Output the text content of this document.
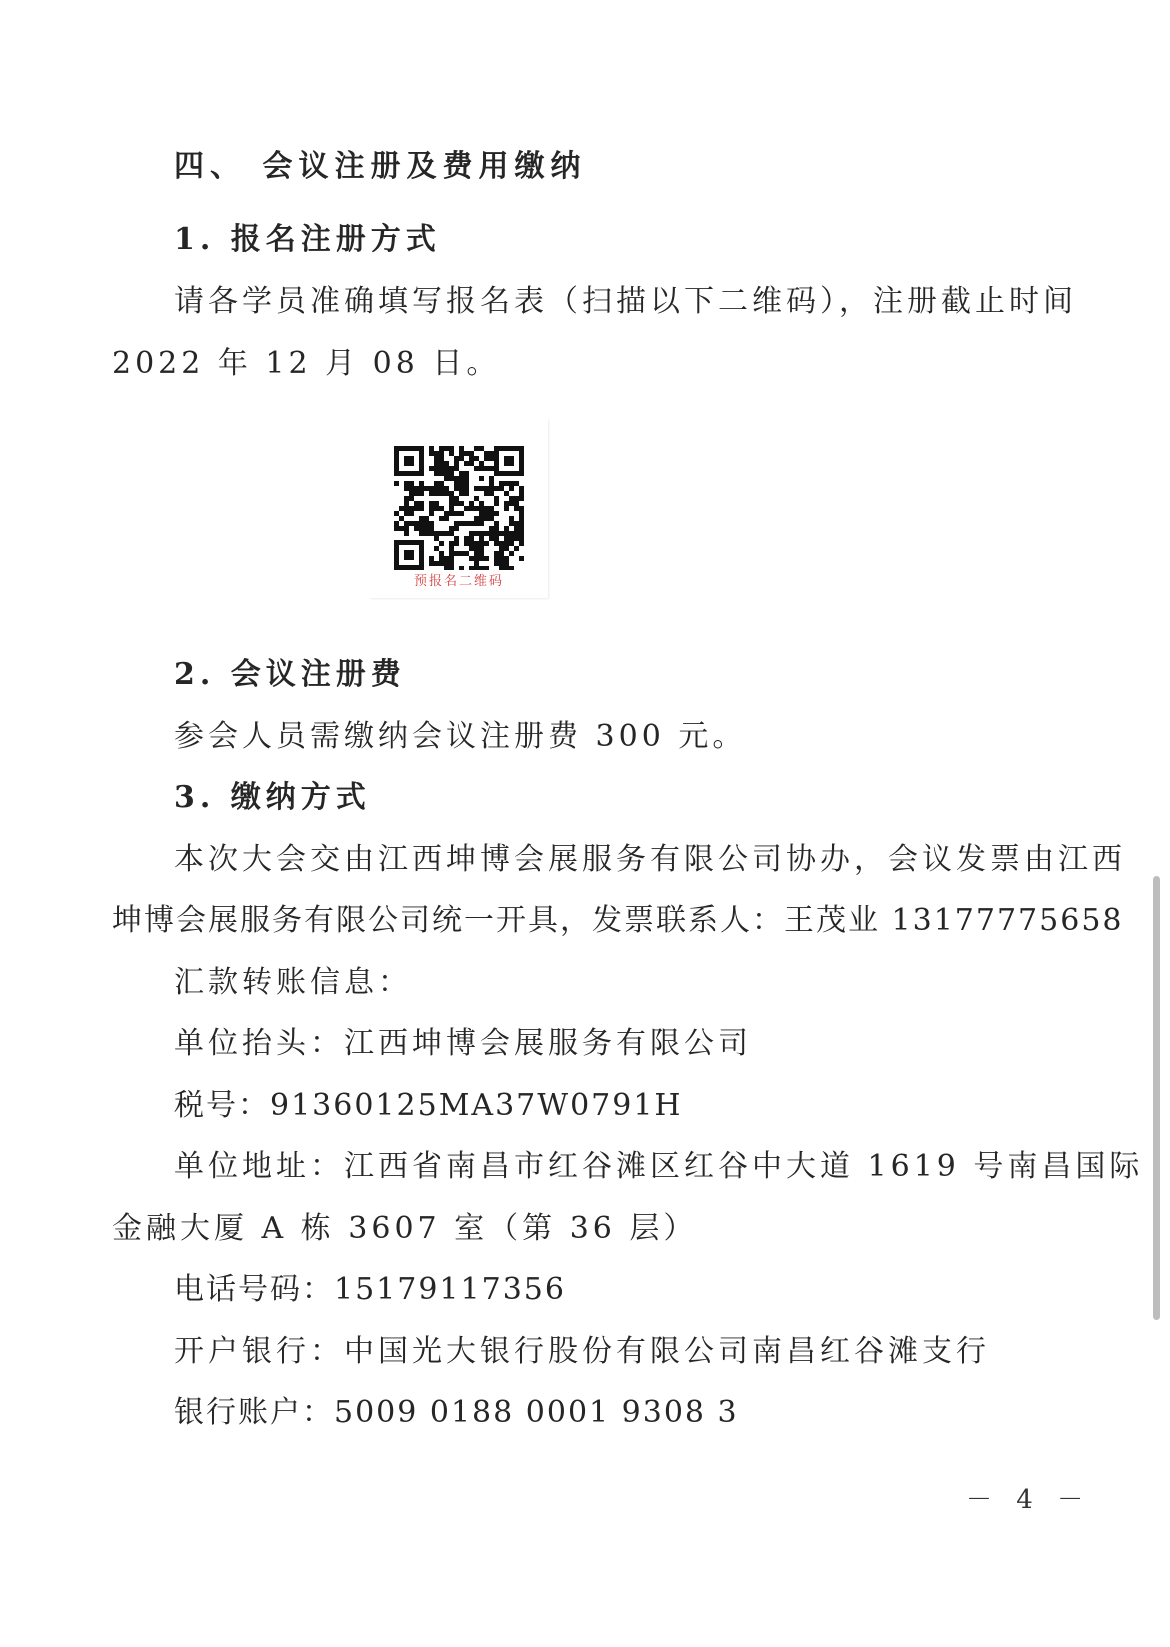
四、 会议注册及费用缴纳
1. 报名注册方式
请各学员准确填写报名表（扫描以下二维码），注册截止时间
2022 年 12 月 08 日。
预报名二维码
2. 会议注册费
参会人员需缴纳会议注册费 300 元。
3. 缴纳方式
本次大会交由江西坤博会展服务有限公司协办，会议发票由江西
坤博会展服务有限公司统一开具，发票联系人：王茂业 13177775658
汇款转账信息：
单位抬头：江西坤博会展服务有限公司
税号：91360125MA37W0791H
单位地址：江西省南昌市红谷滩区红谷中大道 1619 号南昌国际
金融大厦 A 栋 3607 室（第 36 层）
电话号码：15179117356
开户银行：中国光大银行股份有限公司南昌红谷滩支行
银行账户：5009 0188 0001 9308 3
－ 4 －
